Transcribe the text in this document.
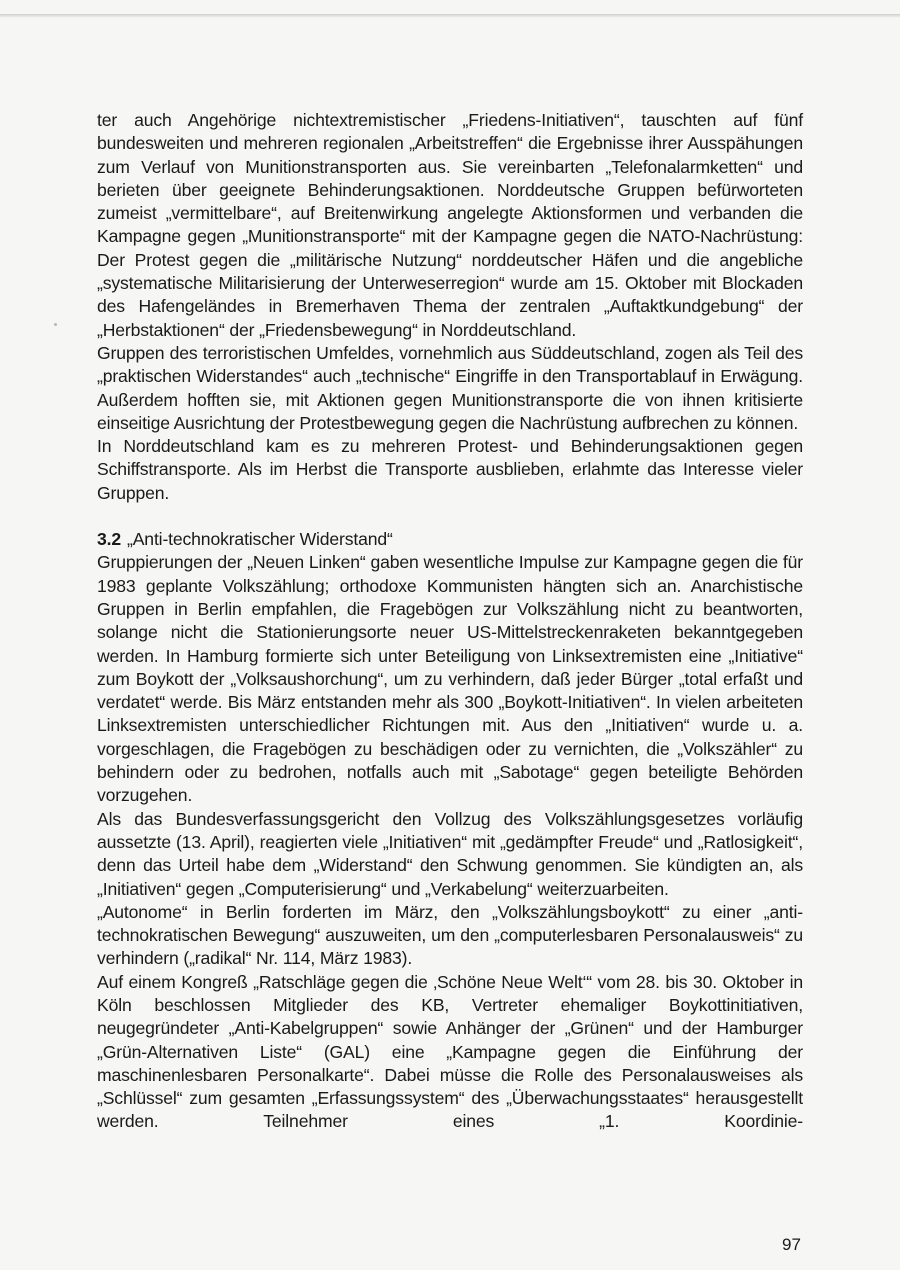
ter auch Angehörige nichtextremistischer „Friedens-Initiativen“, tauschten auf fünf bundesweiten und mehreren regionalen „Arbeitstreffen“ die Ergebnisse ihrer Ausspähungen zum Verlauf von Munitionstransporten aus. Sie vereinbarten „Telefonalarmketten“ und berieten über geeignete Behinderungsaktionen. Norddeutsche Gruppen befürworteten zumeist „vermittelbare“, auf Breitenwirkung angelegte Aktionsformen und verbanden die Kampagne gegen „Munitionstransporte“ mit der Kampagne gegen die NATO-Nachrüstung: Der Protest gegen die „militärische Nutzung“ norddeutscher Häfen und die angebliche „systematische Militarisierung der Unterweserregion“ wurde am 15. Oktober mit Blockaden des Hafengeländes in Bremerhaven Thema der zentralen „Auftaktkundgebung“ der „Herbstaktionen“ der „Friedensbewegung“ in Norddeutschland.

Gruppen des terroristischen Umfeldes, vornehmlich aus Süddeutschland, zogen als Teil des „praktischen Widerstandes“ auch „technische“ Eingriffe in den Transportablauf in Erwägung. Außerdem hofften sie, mit Aktionen gegen Munitionstransporte die von ihnen kritisierte einseitige Ausrichtung der Protestbewegung gegen die Nachrüstung aufbrechen zu können.

In Norddeutschland kam es zu mehreren Protest- und Behinderungsaktionen gegen Schiffstransporte. Als im Herbst die Transporte ausblieben, erlahmte das Interesse vieler Gruppen.

3.2 „Anti-technokratischer Widerstand“

Gruppierungen der „Neuen Linken“ gaben wesentliche Impulse zur Kampagne gegen die für 1983 geplante Volkszählung; orthodoxe Kommunisten hängten sich an. Anarchistische Gruppen in Berlin empfahlen, die Fragebögen zur Volkszählung nicht zu beantworten, solange nicht die Stationierungsorte neuer US-Mittelstreckenraketen bekanntgegeben werden. In Hamburg formierte sich unter Beteiligung von Linksextremisten eine „Initiative“ zum Boykott der „Volksaushorchung“, um zu verhindern, daß jeder Bürger „total erfaßt und verdatet“ werde. Bis März entstanden mehr als 300 „Boykott-Initiativen“. In vielen arbeiteten Linksextremisten unterschiedlicher Richtungen mit. Aus den „Initiativen“ wurde u. a. vorgeschlagen, die Fragebögen zu beschädigen oder zu vernichten, die „Volkszähler“ zu behindern oder zu bedrohen, notfalls auch mit „Sabotage“ gegen beteiligte Behörden vorzugehen.

Als das Bundesverfassungsgericht den Vollzug des Volkszählungsgesetzes vorläufig aussetzte (13. April), reagierten viele „Initiativen“ mit „gedämpfter Freude“ und „Ratlosigkeit“, denn das Urteil habe dem „Widerstand“ den Schwung genommen. Sie kündigten an, als „Initiativen“ gegen „Computerisierung“ und „Verkabelung“ weiterzuarbeiten.

„Autonome“ in Berlin forderten im März, den „Volkszählungsboykott“ zu einer „anti-technokratischen Bewegung“ auszuweiten, um den „computerlesbaren Personalausweis“ zu verhindern („radikal“ Nr. 114, März 1983).

Auf einem Kongreß „Ratschläge gegen die ‚Schöne Neue Welt‘“ vom 28. bis 30. Oktober in Köln beschlossen Mitglieder des KB, Vertreter ehemaliger Boykottinitiativen, neugegründeter „Anti-Kabelgruppen“ sowie Anhänger der „Grünen“ und der Hamburger „Grün-Alternativen Liste“ (GAL) eine „Kampagne gegen die Einführung der maschinenlesbaren Personalkarte“. Dabei müsse die Rolle des Personalausweises als „Schlüssel“ zum gesamten „Erfassungssystem“ des „Überwachungsstaates“ herausgestellt werden. Teilnehmer eines „1. Koordinie-

97
